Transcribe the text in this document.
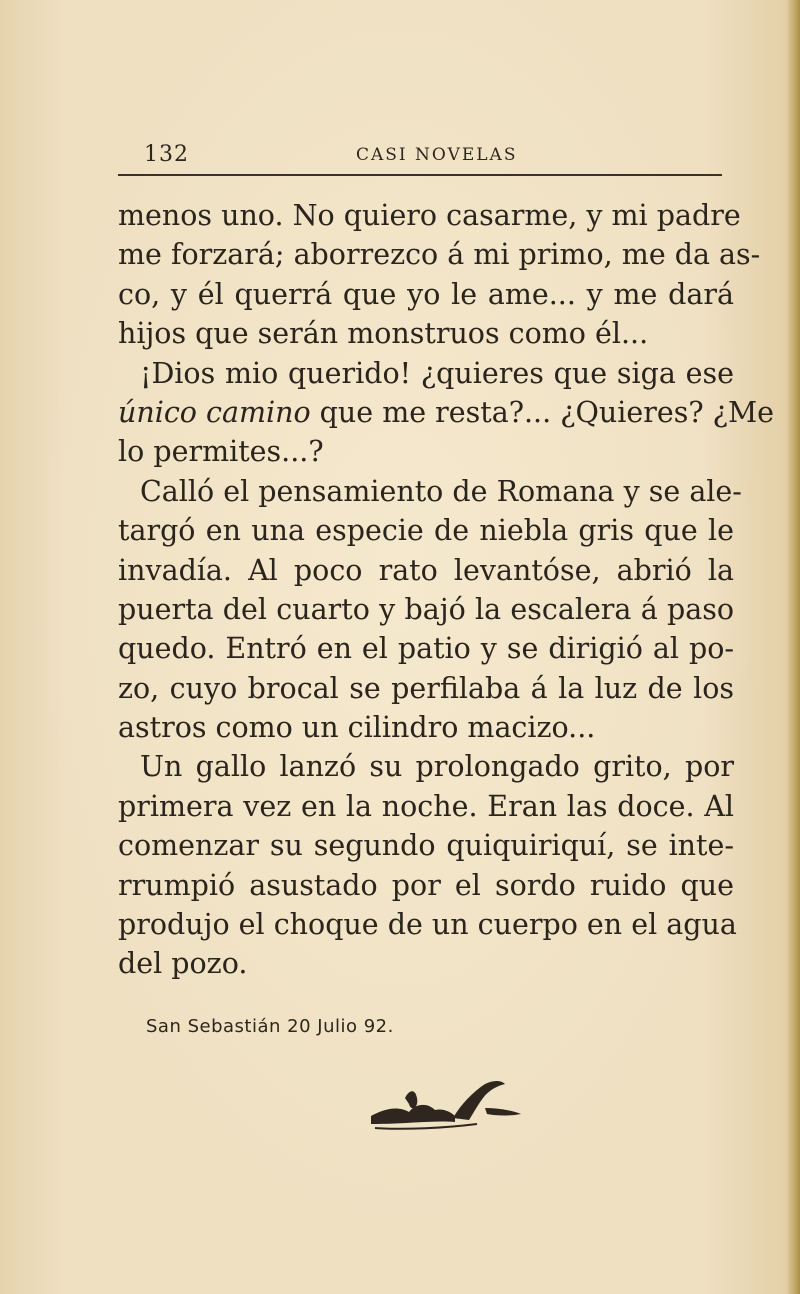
132	CASI NOVELAS
menos uno. No quiero casarme, y mi padre
me forzará; aborrezco á mi primo, me da as-
co, y él querrá que yo le ame... y me dará
hijos que serán monstruos como él...
¡Dios mio querido! ¿quieres que siga ese
único camino que me resta?... ¿Quieres? ¿Me
lo permites...?
Calló el pensamiento de Romana y se ale-
targó en una especie de niebla gris que le
invadía. Al poco rato levantóse, abrió la
puerta del cuarto y bajó la escalera á paso
quedo. Entró en el patio y se dirigió al po-
zo, cuyo brocal se perfilaba á la luz de los
astros como un cilindro macizo...
Un gallo lanzó su prolongado grito, por
primera vez en la noche. Eran las doce. Al
comenzar su segundo quiquiriquí, se inte-
rrumpió asustado por el sordo ruido que
produjo el choque de un cuerpo en el agua
del pozo.
San Sebastián 20 Julio 92.
